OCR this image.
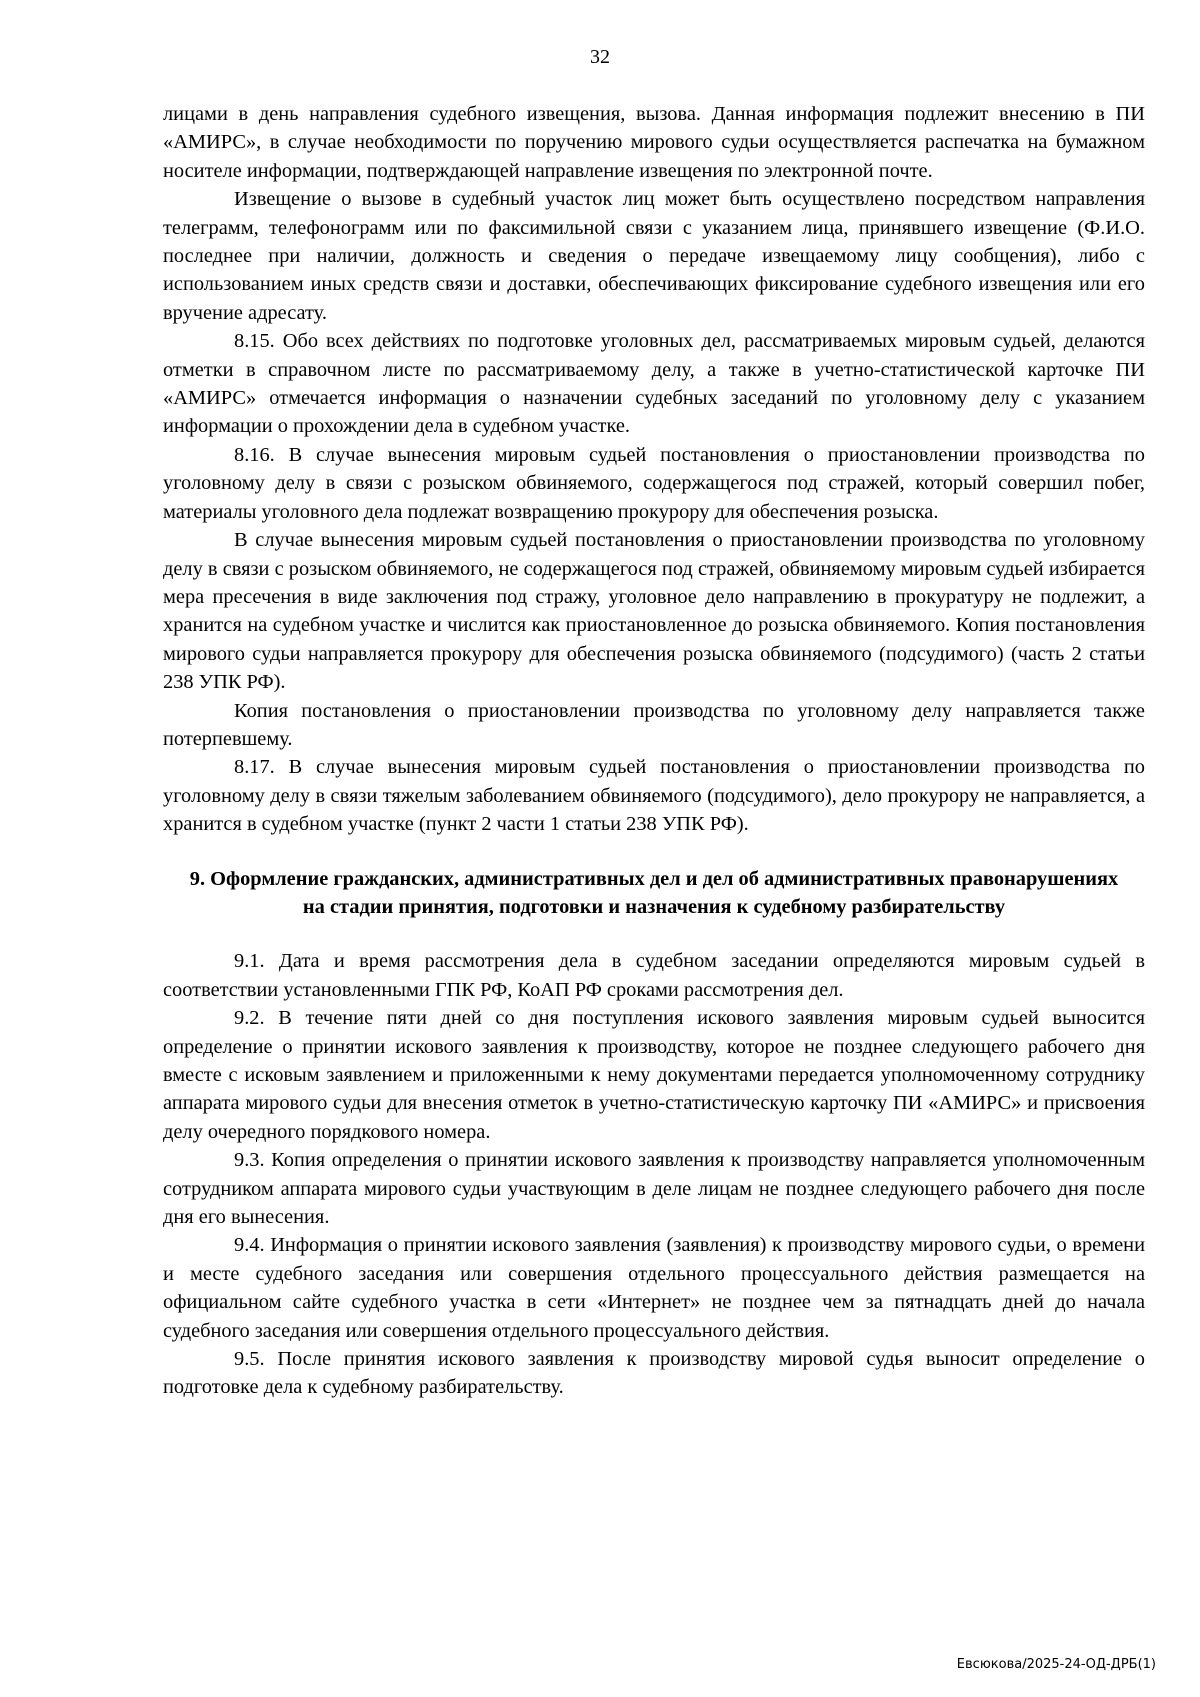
32

лицами в день направления судебного извещения, вызова. Данная информация подлежит внесению в ПИ «АМИРС», в случае необходимости по поручению мирового судьи осуществляется распечатка на бумажном носителе информации, подтверждающей направление извещения по электронной почте.

Извещение о вызове в судебный участок лиц может быть осуществлено посредством направления телеграмм, телефонограмм или по факсимильной связи с указанием лица, принявшего извещение (Ф.И.О. последнее при наличии, должность и сведения о передаче извещаемому лицу сообщения), либо с использованием иных средств связи и доставки, обеспечивающих фиксирование судебного извещения или его вручение адресату.

8.15. Обо всех действиях по подготовке уголовных дел, рассматриваемых мировым судьей, делаются отметки в справочном листе по рассматриваемому делу, а также в учетно-статистической карточке ПИ «АМИРС» отмечается информация о назначении судебных заседаний по уголовному делу с указанием информации о прохождении дела в судебном участке.

8.16. В случае вынесения мировым судьей постановления о приостановлении производства по уголовному делу в связи с розыском обвиняемого, содержащегося под стражей, который совершил побег, материалы уголовного дела подлежат возвращению прокурору для обеспечения розыска.

В случае вынесения мировым судьей постановления о приостановлении производства по уголовному делу в связи с розыском обвиняемого, не содержащегося под стражей, обвиняемому мировым судьей избирается мера пресечения в виде заключения под стражу, уголовное дело направлению в прокуратуру не подлежит, а хранится на судебном участке и числится как приостановленное до розыска обвиняемого. Копия постановления мирового судьи направляется прокурору для обеспечения розыска обвиняемого (подсудимого) (часть 2 статьи 238 УПК РФ).

Копия постановления о приостановлении производства по уголовному делу направляется также потерпевшему.

8.17. В случае вынесения мировым судьей постановления о приостановлении производства по уголовному делу в связи тяжелым заболеванием обвиняемого (подсудимого), дело прокурору не направляется, а хранится в судебном участке (пункт 2 части 1 статьи 238 УПК РФ).

9. Оформление гражданских, административных дел и дел об административных правонарушениях на стадии принятия, подготовки и назначения к судебному разбирательству

9.1. Дата и время рассмотрения дела в судебном заседании определяются мировым судьей в соответствии установленными ГПК РФ, КоАП РФ сроками рассмотрения дел.

9.2. В течение пяти дней со дня поступления искового заявления мировым судьей выносится определение о принятии искового заявления к производству, которое не позднее следующего рабочего дня вместе с исковым заявлением и приложенными к нему документами передается уполномоченному сотруднику аппарата мирового судьи для внесения отметок в учетно-статистическую карточку ПИ «АМИРС» и присвоения делу очередного порядкового номера.

9.3. Копия определения о принятии искового заявления к производству направляется уполномоченным сотрудником аппарата мирового судьи участвующим в деле лицам не позднее следующего рабочего дня после дня его вынесения.

9.4. Информация о принятии искового заявления (заявления) к производству мирового судьи, о времени и месте судебного заседания или совершения отдельного процессуального действия размещается на официальном сайте судебного участка в сети «Интернет» не позднее чем за пятнадцать дней до начала судебного заседания или совершения отдельного процессуального действия.

9.5. После принятия искового заявления к производству мировой судья выносит определение о подготовке дела к судебному разбирательству.

Евсюкова/2025-24-ОД-ДРБ(1)
